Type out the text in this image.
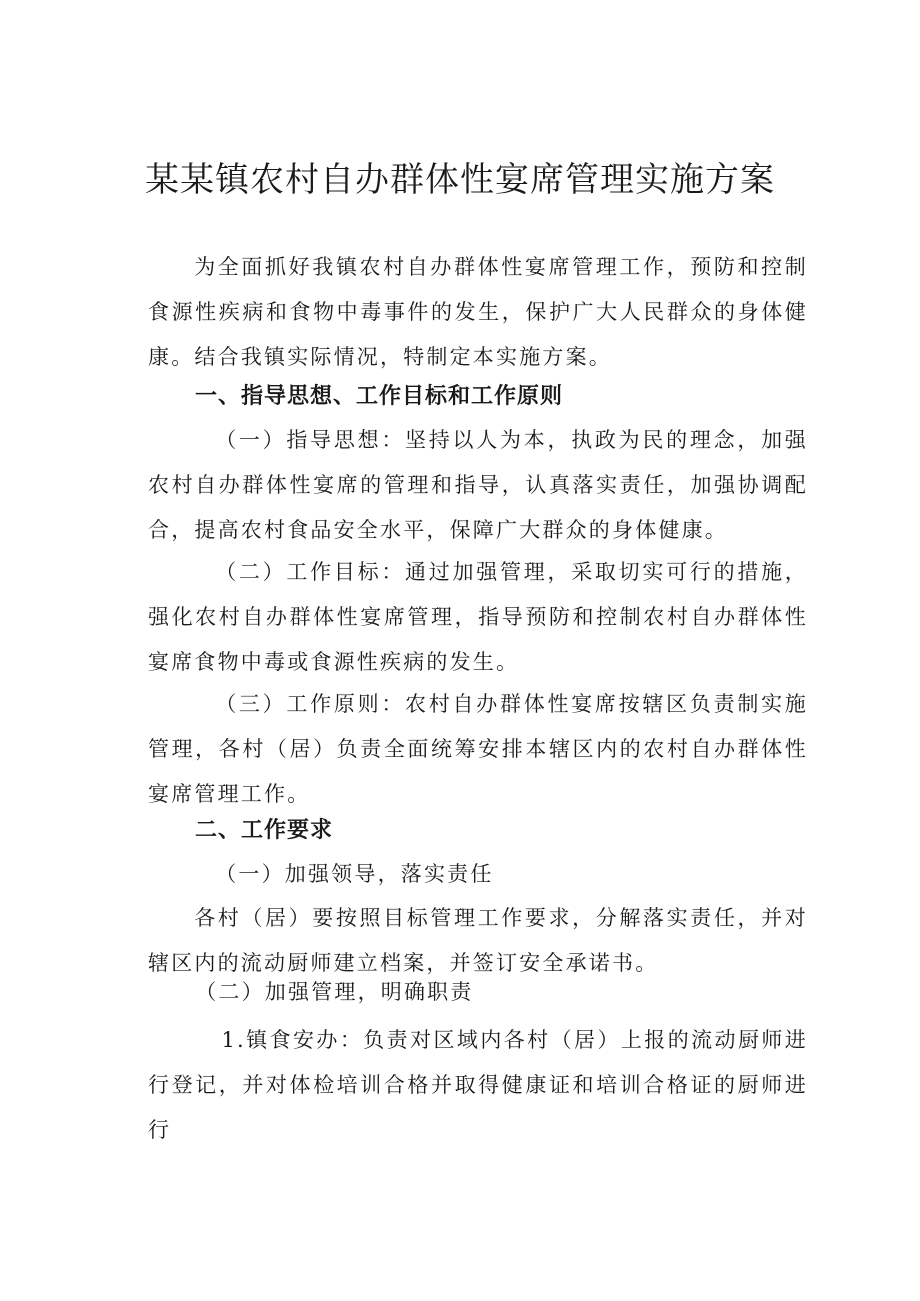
某某镇农村自办群体性宴席管理实施方案
为全面抓好我镇农村自办群体性宴席管理工作，预防和控制食源性疾病和食物中毒事件的发生，保护广大人民群众的身体健康。结合我镇实际情况，特制定本实施方案。
一、指导思想、工作目标和工作原则
（一）指导思想：坚持以人为本，执政为民的理念，加强农村自办群体性宴席的管理和指导，认真落实责任，加强协调配合，提高农村食品安全水平，保障广大群众的身体健康。
（二）工作目标：通过加强管理，采取切实可行的措施，强化农村自办群体性宴席管理，指导预防和控制农村自办群体性宴席食物中毒或食源性疾病的发生。
（三）工作原则：农村自办群体性宴席按辖区负责制实施管理，各村（居）负责全面统筹安排本辖区内的农村自办群体性宴席管理工作。
二、工作要求
（一）加强领导，落实责任
各村（居）要按照目标管理工作要求，分解落实责任，并对辖区内的流动厨师建立档案，并签订安全承诺书。
（二）加强管理，明确职责
1.镇食安办：负责对区域内各村（居）上报的流动厨师进行登记，并对体检培训合格并取得健康证和培训合格证的厨师进行
